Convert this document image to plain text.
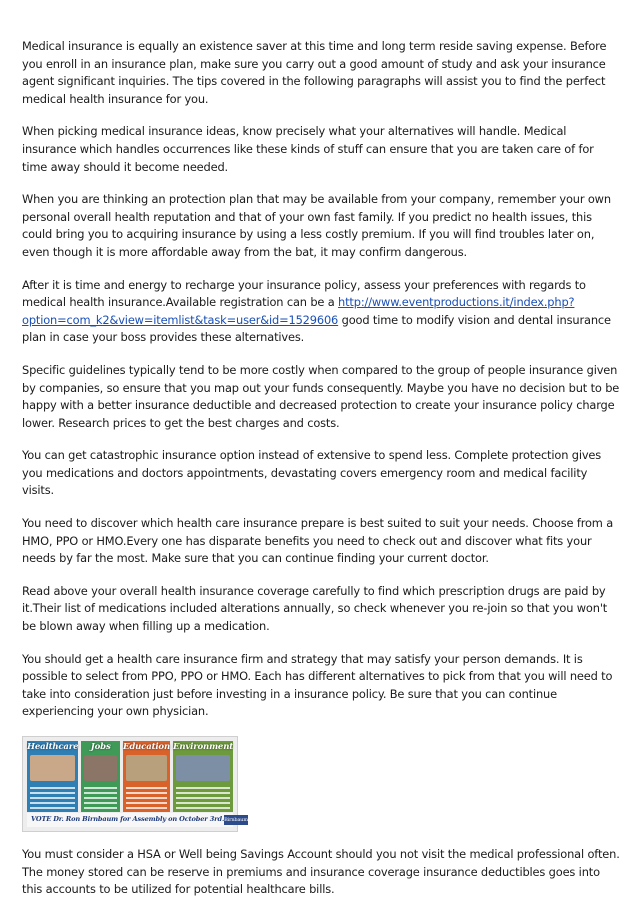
Medical insurance is equally an existence saver at this time and long term reside saving expense. Before you enroll in an insurance plan, make sure you carry out a good amount of study and ask your insurance agent significant inquiries. The tips covered in the following paragraphs will assist you to find the perfect medical health insurance for you.

When picking medical insurance ideas, know precisely what your alternatives will handle. Medical insurance which handles occurrences like these kinds of stuff can ensure that you are taken care of for time away should it become needed.

When you are thinking an protection plan that may be available from your company, remember your own personal overall health reputation and that of your own fast family. If you predict no health issues, this could bring you to acquiring insurance by using a less costly premium. If you will find troubles later on, even though it is more affordable away from the bat, it may confirm dangerous.

After it is time and energy to recharge your insurance policy, assess your preferences with regards to medical health insurance.Available registration can be a http://www.eventproductions.it/index.php?option=com_k2&view=itemlist&task=user&id=1529606 good time to modify vision and dental insurance plan in case your boss provides these alternatives.

Specific guidelines typically tend to be more costly when compared to the group of people insurance given by companies, so ensure that you map out your funds consequently. Maybe you have no decision but to be happy with a better insurance deductible and decreased protection to create your insurance policy charge lower. Research prices to get the best charges and costs.

You can get catastrophic insurance option instead of extensive to spend less. Complete protection gives you medications and doctors appointments, devastating covers emergency room and medical facility visits.

You need to discover which health care insurance prepare is best suited to suit your needs. Choose from a HMO, PPO or HMO.Every one has disparate benefits you need to check out and discover what fits your needs by far the most. Make sure that you can continue finding your current doctor.

Read above your overall health insurance coverage carefully to find which prescription drugs are paid by it.Their list of medications included alterations annually, so check whenever you re-join so that you won't be blown away when filling up a medication.

You should get a health care insurance firm and strategy that may satisfy your person demands. It is possible to select from PPO, PPO or HMO. Each has different alternatives to pick from that you will need to take into consideration just before investing in a insurance policy. Be sure that you can continue experiencing your own physician.

Healthcare	Jobs	Education Environment
VOTE Dr. Ron Birnbaum for Assembly on October 3rd. Birnbaum

You must consider a HSA or Well being Savings Account should you not visit the medical professional often. The money stored can be reserve in premiums and insurance coverage insurance deductibles goes into this accounts to be utilized for potential healthcare bills.
